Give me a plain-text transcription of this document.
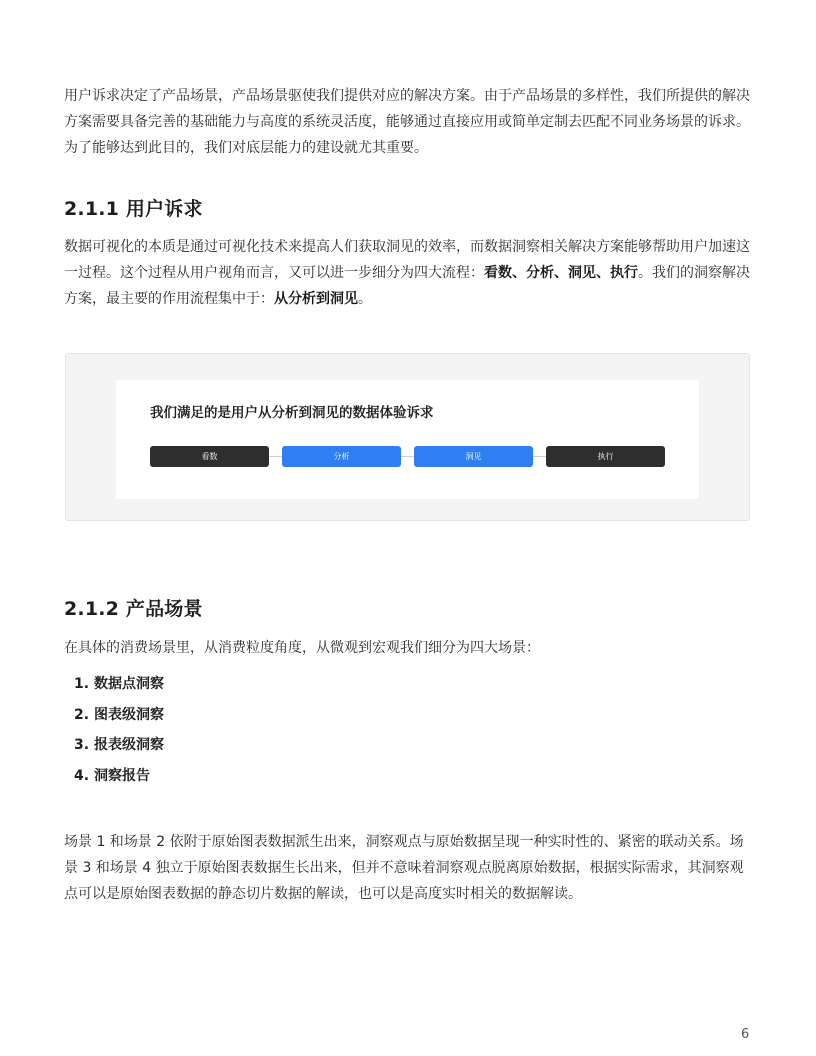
用户诉求决定了产品场景，产品场景驱使我们提供对应的解决方案。由于产品场景的多样性，我们所提供的解决方案需要具备完善的基础能力与高度的系统灵活度，能够通过直接应用或简单定制去匹配不同业务场景的诉求。为了能够达到此目的，我们对底层能力的建设就尤其重要。

2.1.1 用户诉求

数据可视化的本质是通过可视化技术来提高人们获取洞见的效率，而数据洞察相关解决方案能够帮助用户加速这一过程。这个过程从用户视角而言，又可以进一步细分为四大流程：看数、分析、洞见、执行。我们的洞察解决方案，最主要的作用流程集中于：从分析到洞见。

我们满足的是用户从分析到洞见的数据体验诉求
看数	分析	洞见	执行
2.1.2 产品场景

在具体的消费场景里，从消费粒度角度，从微观到宏观我们细分为四大场景：

1. 数据点洞察
2. 图表级洞察
3. 报表级洞察
4. 洞察报告

场景 1 和场景 2 依附于原始图表数据派生出来，洞察观点与原始数据呈现一种实时性的、紧密的联动关系。场景 3 和场景 4 独立于原始图表数据生长出来，但并不意味着洞察观点脱离原始数据，根据实际需求，其洞察观点可以是原始图表数据的静态切片数据的解读，也可以是高度实时相关的数据解读。

6
